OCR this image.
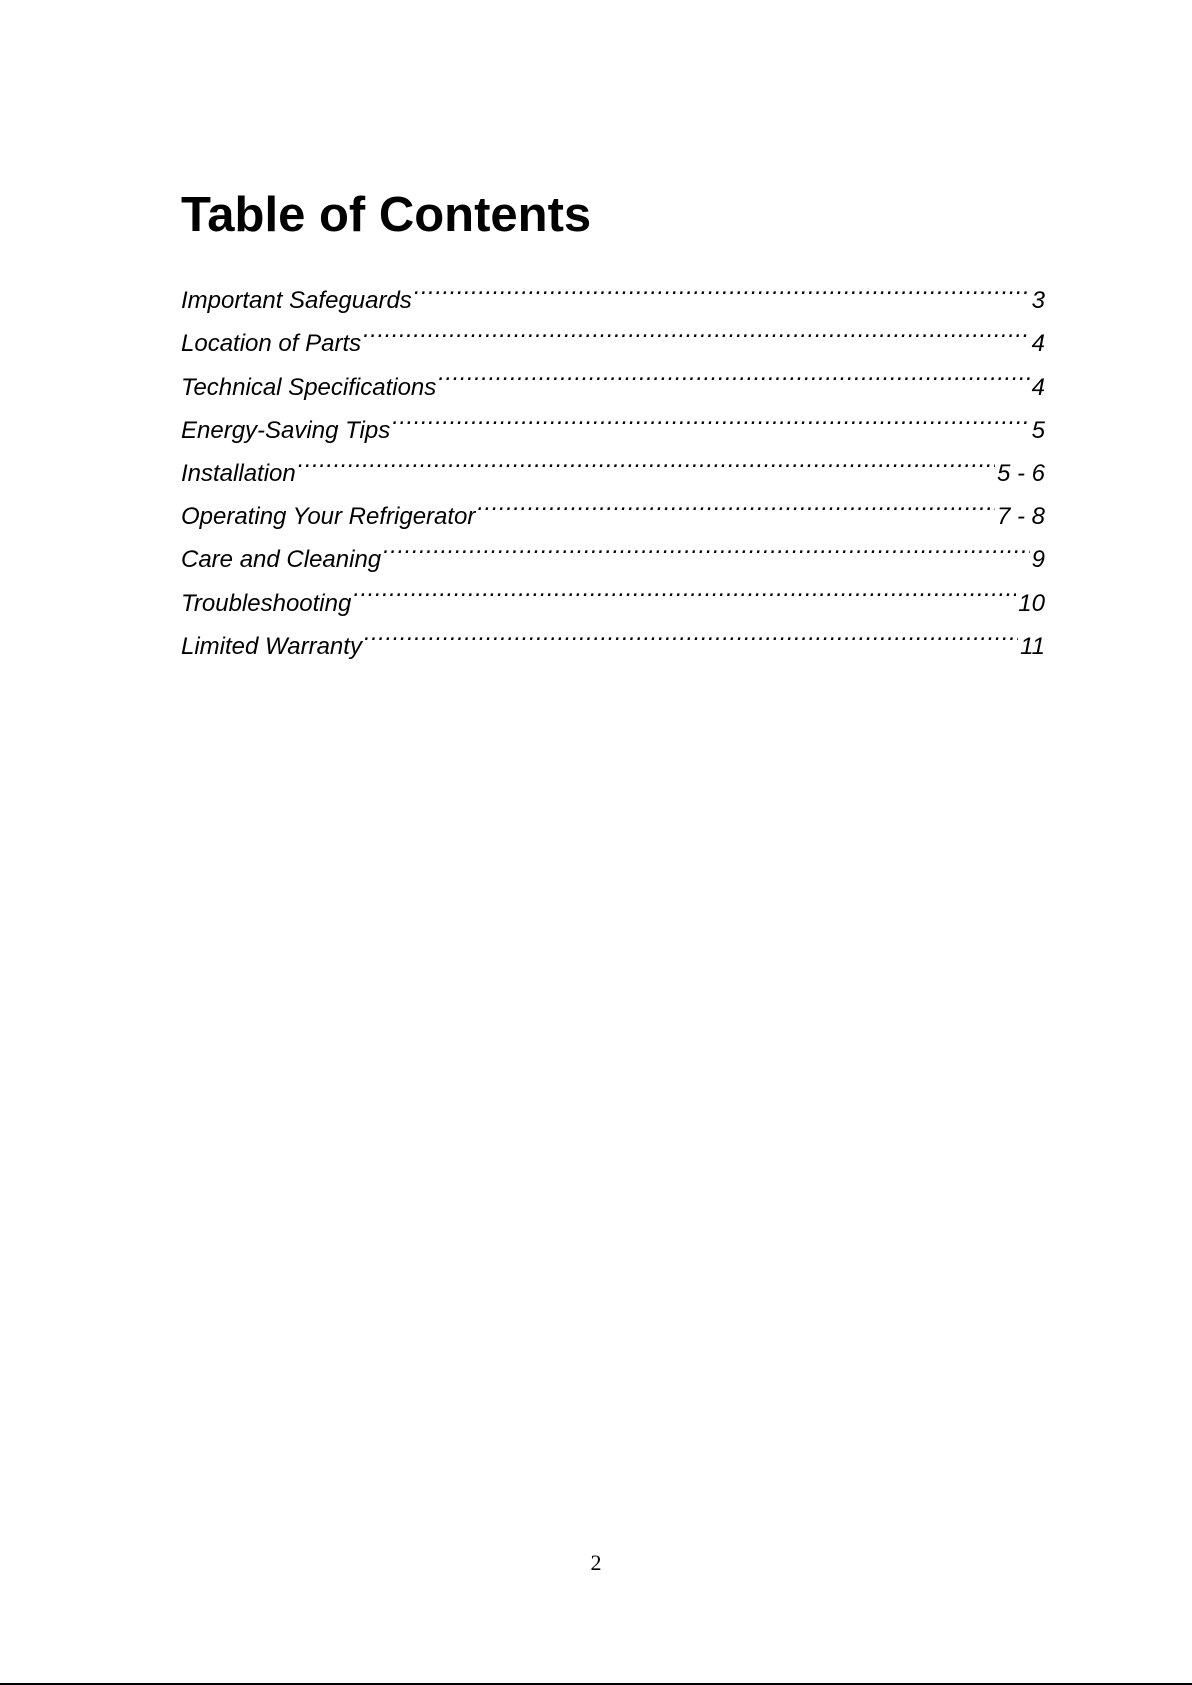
Table of Contents
Important Safeguards .....	3
Location of Parts .....	4
Technical Specifications .....	4
Energy-Saving Tips .....	5
Installation .....	5 - 6
Operating Your Refrigerator .....	7 - 8
Care and Cleaning .....	9
Troubleshooting .....	10
Limited Warranty .....	11
2
